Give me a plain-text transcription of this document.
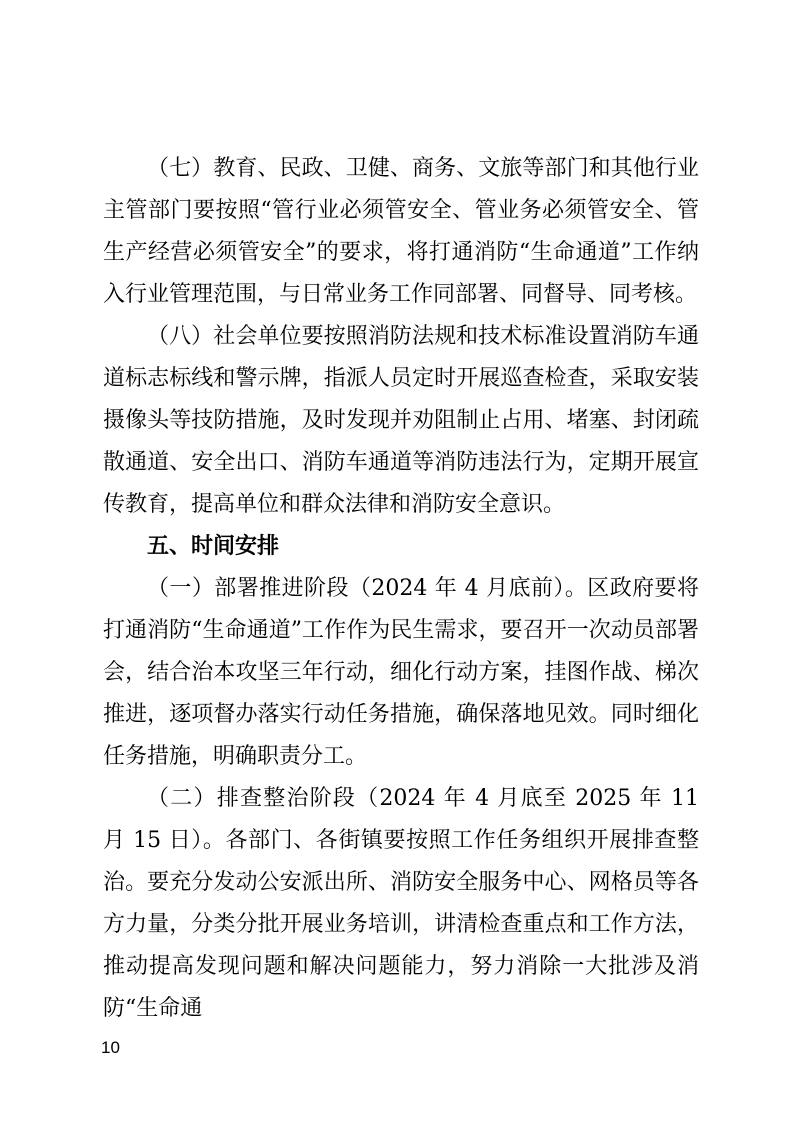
（七）教育、民政、卫健、商务、文旅等部门和其他行业主管部门要按照“管行业必须管安全、管业务必须管安全、管生产经营必须管安全”的要求，将打通消防“生命通道”工作纳入行业管理范围，与日常业务工作同部署、同督导、同考核。

（八）社会单位要按照消防法规和技术标准设置消防车通道标志标线和警示牌，指派人员定时开展巡查检查，采取安装摄像头等技防措施，及时发现并劝阻制止占用、堵塞、封闭疏散通道、安全出口、消防车通道等消防违法行为，定期开展宣传教育，提高单位和群众法律和消防安全意识。

五、时间安排

（一）部署推进阶段（2024 年 4 月底前）。区政府要将打通消防“生命通道”工作作为民生需求，要召开一次动员部署会，结合治本攻坚三年行动，细化行动方案，挂图作战、梯次推进，逐项督办落实行动任务措施，确保落地见效。同时细化任务措施，明确职责分工。

（二）排查整治阶段（2024 年 4 月底至 2025 年 11 月 15 日）。各部门、各街镇要按照工作任务组织开展排查整治。要充分发动公安派出所、消防安全服务中心、网格员等各方力量，分类分批开展业务培训，讲清检查重点和工作方法，推动提高发现问题和解决问题能力，努力消除一大批涉及消防“生命通

10
